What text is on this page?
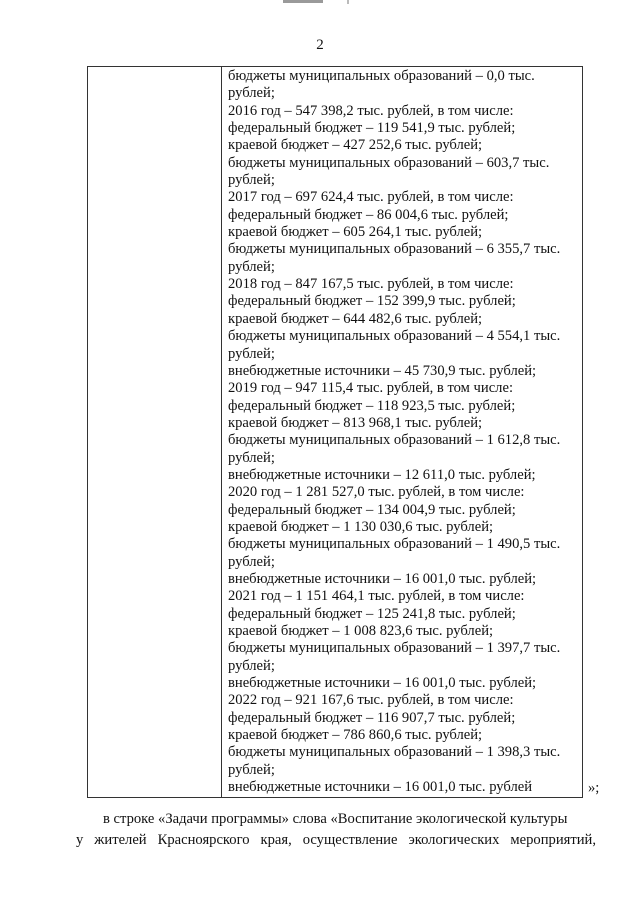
2
бюджеты муниципальных образований – 0,0 тыс.
рублей;
2016 год – 547 398,2 тыс. рублей, в том числе:
федеральный бюджет – 119 541,9 тыс. рублей;
краевой бюджет – 427 252,6 тыс. рублей;
бюджеты муниципальных образований – 603,7 тыс.
рублей;
2017 год – 697 624,4 тыс. рублей, в том числе:
федеральный бюджет – 86 004,6 тыс. рублей;
краевой бюджет – 605 264,1 тыс. рублей;
бюджеты муниципальных образований – 6 355,7 тыс.
рублей;
2018 год – 847 167,5 тыс. рублей, в том числе:
федеральный бюджет – 152 399,9 тыс. рублей;
краевой бюджет – 644 482,6 тыс. рублей;
бюджеты муниципальных образований – 4 554,1 тыс.
рублей;
внебюджетные источники – 45 730,9 тыс. рублей;
2019 год – 947 115,4 тыс. рублей, в том числе:
федеральный бюджет – 118 923,5 тыс. рублей;
краевой бюджет – 813 968,1 тыс. рублей;
бюджеты муниципальных образований – 1 612,8 тыс.
рублей;
внебюджетные источники – 12 611,0 тыс. рублей;
2020 год – 1 281 527,0 тыс. рублей, в том числе:
федеральный бюджет – 134 004,9 тыс. рублей;
краевой бюджет – 1 130 030,6 тыс. рублей;
бюджеты муниципальных образований – 1 490,5 тыс.
рублей;
внебюджетные источники – 16 001,0 тыс. рублей;
2021 год – 1 151 464,1 тыс. рублей, в том числе:
федеральный бюджет – 125 241,8 тыс. рублей;
краевой бюджет – 1 008 823,6 тыс. рублей;
бюджеты муниципальных образований – 1 397,7 тыс.
рублей;
внебюджетные источники – 16 001,0 тыс. рублей;
2022 год – 921 167,6 тыс. рублей, в том числе:
федеральный бюджет – 116 907,7 тыс. рублей;
краевой бюджет – 786 860,6 тыс. рублей;
бюджеты муниципальных образований – 1 398,3 тыс.
рублей;
внебюджетные источники – 16 001,0 тыс. рублей	»;
в строке «Задачи программы» слова «Воспитание экологической культуры
у жителей Красноярского края, осуществление экологических мероприятий,
